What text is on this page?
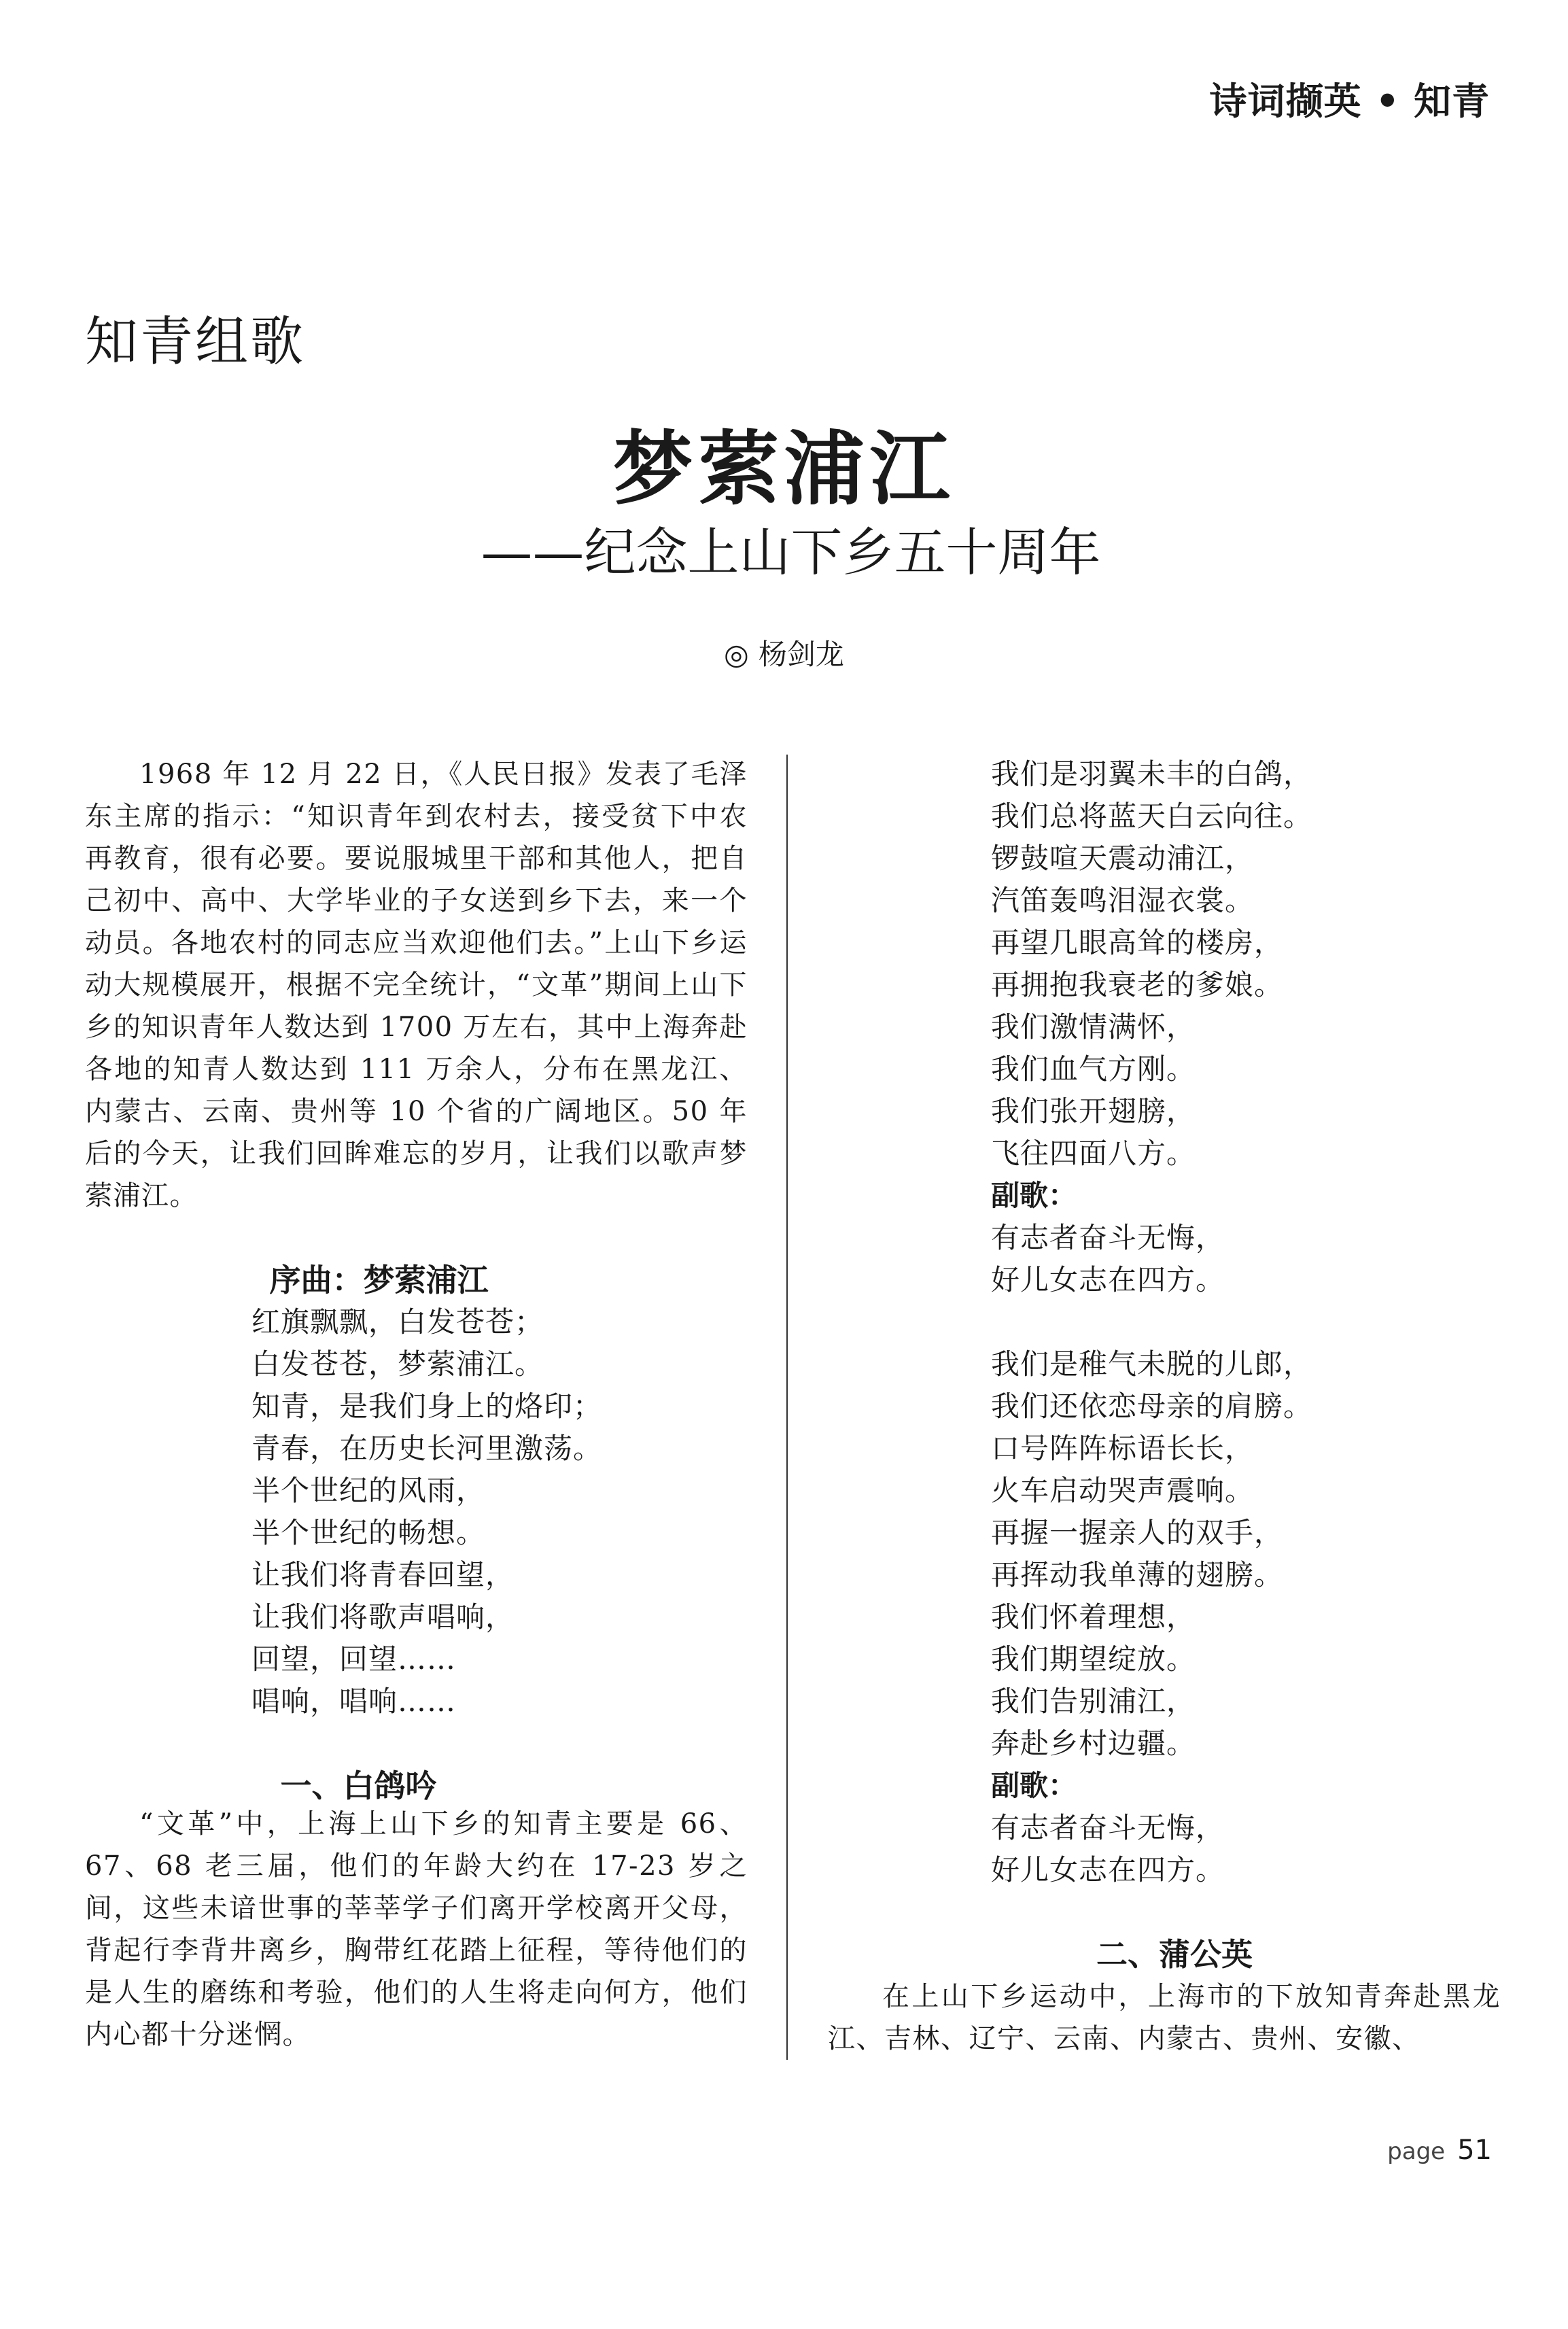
诗词撷英 • 知青
知青组歌
梦萦浦江
——纪念上山下乡五十周年
◎ 杨剑龙

1968 年 12 月 22 日，《人民日报》发表了毛泽东主席的指示：“知识青年到农村去，接受贫下中农再教育，很有必要。要说服城里干部和其他人，把自己初中、高中、大学毕业的子女送到乡下去，来一个动员。各地农村的同志应当欢迎他们去。”上山下乡运动大规模展开，根据不完全统计，“文革”期间上山下乡的知识青年人数达到 1700 万左右，其中上海奔赴各地的知青人数达到 111 万余人，分布在黑龙江、内蒙古、云南、贵州等 10 个省的广阔地区。50 年后的今天，让我们回眸难忘的岁月，让我们以歌声梦萦浦江。

序曲：梦萦浦江
红旗飘飘，白发苍苍；
白发苍苍，梦萦浦江。
知青，是我们身上的烙印；
青春，在历史长河里激荡。
半个世纪的风雨，
半个世纪的畅想。
让我们将青春回望，
让我们将歌声唱响，
回望，回望……
唱响，唱响……
一、白鸽吟

“文革”中，上海上山下乡的知青主要是 66、67、68 老三届，他们的年龄大约在 17-23 岁之间，这些未谙世事的莘莘学子们离开学校离开父母，背起行李背井离乡，胸带红花踏上征程，等待他们的是人生的磨练和考验，他们的人生将走向何方，他们内心都十分迷惘。

我们是羽翼未丰的白鸽，
我们总将蓝天白云向往。
锣鼓喧天震动浦江，
汽笛轰鸣泪湿衣裳。
再望几眼高耸的楼房，
再拥抱我衰老的爹娘。
我们激情满怀，
我们血气方刚。
我们张开翅膀，
飞往四面八方。
副歌：
有志者奋斗无悔，
好儿女志在四方。
我们是稚气未脱的儿郎，
我们还依恋母亲的肩膀。
口号阵阵标语长长，
火车启动哭声震响。
再握一握亲人的双手，
再挥动我单薄的翅膀。
我们怀着理想，
我们期望绽放。
我们告别浦江，
奔赴乡村边疆。
副歌：
有志者奋斗无悔，
好儿女志在四方。
二、蒲公英

在上山下乡运动中，上海市的下放知青奔赴黑龙江、吉林、辽宁、云南、内蒙古、贵州、安徽、

page 51
